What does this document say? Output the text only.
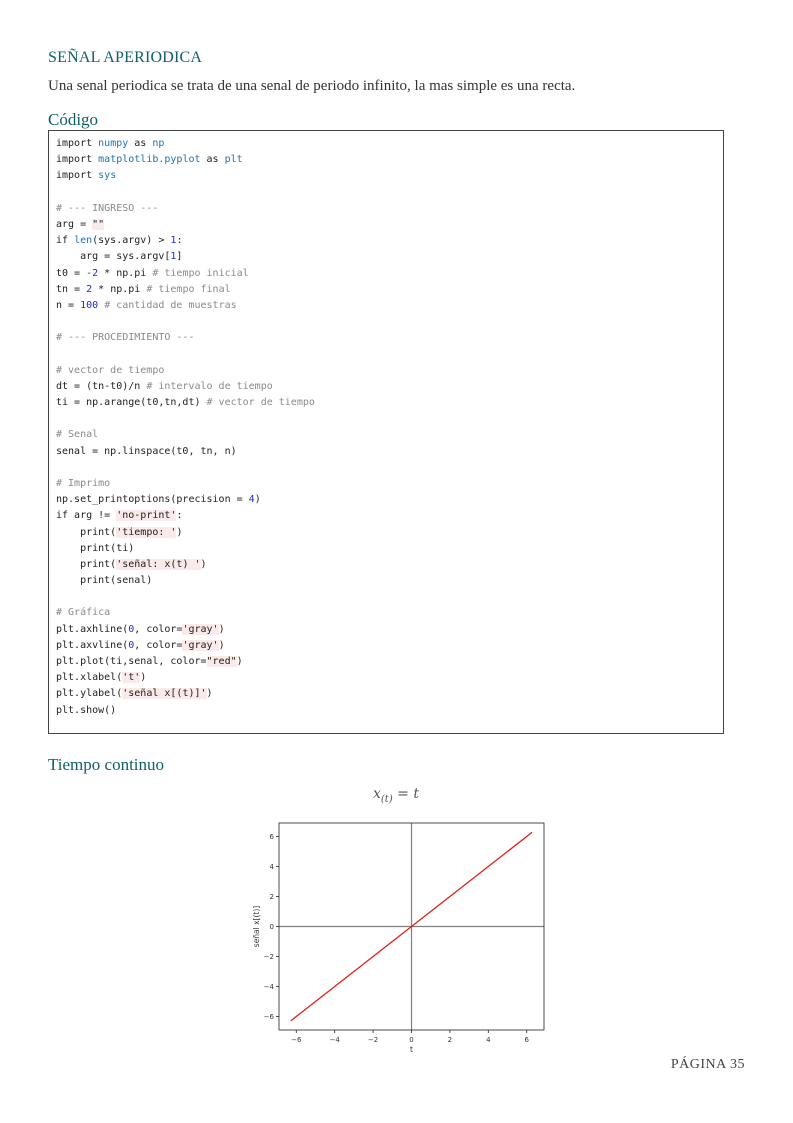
SEÑAL APERIODICA
Una senal periodica se trata de una senal de periodo infinito, la mas simple es una recta.
Código
import numpy as np
import matplotlib.pyplot as plt
import sys
# --- INGRESO ---
arg = ""
if len(sys.argv) > 1:
arg = sys.argv[1]
t0 = -2 * np.pi # tiempo inicial
tn = 2 * np.pi # tiempo final
n = 100 # cantidad de muestras
# --- PROCEDIMIENTO ---
# vector de tiempo
dt = (tn-t0)/n # intervalo de tiempo
ti = np.arange(t0,tn,dt) # vector de tiempo
# Senal
senal = np.linspace(t0, tn, n)
# Imprimo
np.set_printoptions(precision = 4)
if arg != 'no-print':
print('tiempo: ')
print(ti)
print('señal: x(t) ')
print(senal)
# Gráfica
plt.axhline(0, color='gray')
plt.axvline(0, color='gray')
plt.plot(ti,senal, color="red")
plt.xlabel('t')
plt.ylabel('señal x[(t)]')
plt.show()
Tiempo continuo
$x_{(t)} = t$
−6	−4	−2	0	2	4	6
−6
−4
−2
0
2
4
6
t
señal x[(t)]
PÁGINA 35
